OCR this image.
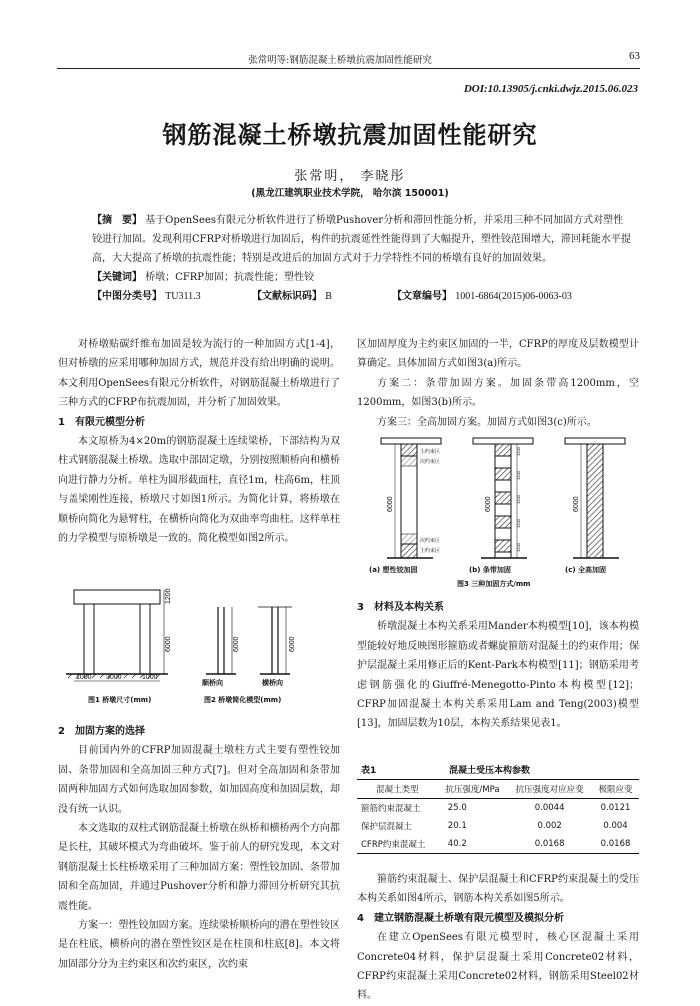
张常明等:钢筋混凝土桥墩抗震加固性能研究	63
DOI:10.13905/j.cnki.dwjz.2015.06.023
钢筋混凝土桥墩抗震加固性能研究
张常明， 李晓彤
(黑龙江建筑职业技术学院， 哈尔滨 150001)
【摘　要】 基于OpenSees有限元分析软件进行了桥墩Pushover分析和滞回性能分析，并采用三种不同加固方式对塑性铰进行加固。发现利用CFRP对桥墩进行加固后，构件的抗震延性性能得到了大幅提升，塑性铰范围增大，滞回耗能水平提高，大大提高了桥墩的抗震性能；特别是改进后的加固方式对于力学特性不同的桥墩有良好的加固效果。
【关键词】 桥墩；CFRP加固；抗震性能；塑性铰
【中图分类号】 TU311.3	【文献标识码】 B	【文章编号】 1001-6864(2015)06-0063-03

对桥墩贴碳纤维布加固是较为流行的一种加固方式[1-4]，但对桥墩的应采用哪种加固方式，规范并没有给出明确的说明。本文利用OpenSees有限元分析软件，对钢筋混凝土桥墩进行了三种方式的CFRP布抗震加固，并分析了加固效果。

1　有限元模型分析

本文原桥为4×20m的钢筋混凝土连续梁桥，下部结构为双柱式钢筋混凝土桥墩。选取中部固定墩，分别按照顺桥向和横桥向进行静力分析。单柱为圆形截面柱，直径1m，柱高6m，柱顶与盖梁刚性连接，桥墩尺寸如图1所示。为简化计算，将桥墩在顺桥向简化为悬臂柱，在横桥向简化为双曲率弯曲柱。这样单柱的力学模型与原桥墩是一致的。简化模型如图2所示。

1000 3000	1000
1200
6000	6000	6000
顺桥向	横桥向
图1 桥墩尺寸(mm)	图2 桥墩简化模型(mm)
2　加固方案的选择

目前国内外的CFRP加固混凝土墩柱方式主要有塑性铰加固、条带加固和全高加固三种方式[7]。但对全高加固和条带加固两种加固方式如何选取加固参数，如加固高度和加固层数，却没有统一认识。

本文选取的双柱式钢筋混凝土桥墩在纵桥和横桥两个方向都是长柱，其破坏模式为弯曲破坏。鉴于前人的研究发现，本文对钢筋混凝土长柱桥墩采用了三种加固方案：塑性铰加固、条带加固和全高加固，并通过Pushover分析和静力滞回分析研究其抗震性能。

方案一：塑性铰加固方案。连续梁桥顺桥向的潜在塑性铰区是在柱底，横桥向的潜在塑性铰区是在柱顶和柱底[8]。本文将加固部分分为主约束区和次约束区，次约束

区加固厚度为主约束区加固的一半，CFRP的厚度及层数模型计算确定。具体加固方式如图3(a)所示。

方案二：条带加固方案。加固条带高1200mm，空1200mm，如图3(b)所示。

方案三：全高加固方案。加固方式如图3(c)所示。

主约束区
次约束区
次约束区
主约束区
1200
1200
1200
1200
1200
6000	6000	6000
(a) 塑性铰加固	(b) 条带加固	(c) 全高加固
图3 三种加固方式/mm
3　材料及本构关系

桥墩混凝土本构关系采用Mander本构模型[10]，该本构模型能较好地反映图形箍筋或者螺旋箍筋对混凝土的约束作用；保护层混凝土采用修正后的Kent-Park本构模型[11]；钢筋采用考虑钢筋强化的Giuffré-Menegotto-Pinto本构模型[12]；CFRP加固混凝土本构关系采用Lam and Teng(2003)模型[13]，加固层数为10层，本构关系结果见表1。

表1	混凝土受压本构参数
混凝土类型	抗压强度/MPa	抗压强度对应应变	极限应变
箍筋约束混凝土	25.0	0.0044	0.0121
保护层混凝土	20.1	0.002	0.004
CFRP约束混凝土	40.2	0.0168	0.0168

箍筋约束混凝土、保护层混凝土和CFRP约束混凝土的受压本构关系如图4所示，钢筋本构关系如图5所示。

4　建立钢筋混凝土桥墩有限元模型及模拟分析

在建立OpenSees有限元模型时，核心区混凝土采用Concrete04材料，保护层混凝土采用Concrete02材料，CFRP约束混凝土采用Concrete02材料，钢筋采用Steel02材料。
